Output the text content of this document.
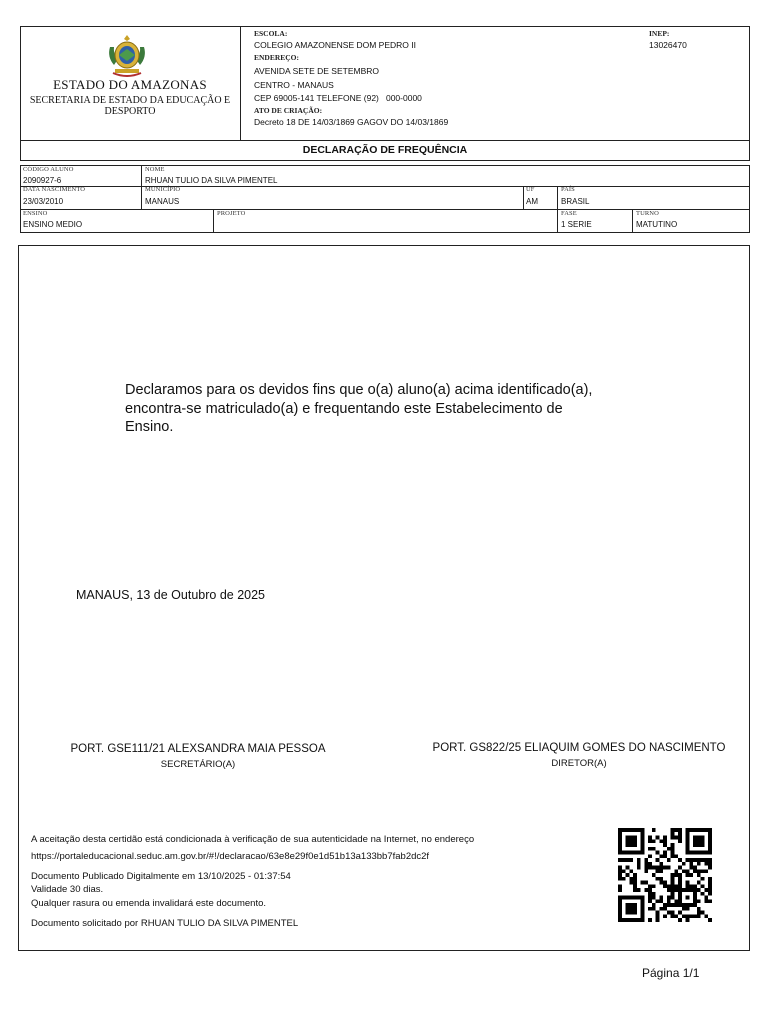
ESTADO DO AMAZONAS
SECRETARIA DE ESTADO DA EDUCAÇÃO E DESPORTO
ESCOLA:
COLEGIO AMAZONENSE DOM PEDRO II
ENDEREÇO:
AVENIDA SETE DE SETEMBRO
CENTRO - MANAUS
CEP 69005-141 TELEFONE (92)   000-0000
ATO DE CRIAÇÃO:
Decreto 18 DE 14/03/1869 GAGOV DO 14/03/1869
INEP:
13026470
DECLARAÇÃO DE FREQUÊNCIA
CÓDIGO ALUNO
2090927-6
NOME
RHUAN TULIO DA SILVA PIMENTEL
DATA NASCIMENTO
23/03/2010
MUNICÍPIO
MANAUS
UF
AM
PAÍS
BRASIL
ENSINO
ENSINO MEDIO
PROJETO	FASE
1 SERIE
TURNO
MATUTINO
Declaramos para os devidos fins que o(a) aluno(a) acima identificado(a),
encontra-se matriculado(a) e frequentando este Estabelecimento de
Ensino.
MANAUS, 13 de Outubro de 2025
PORT. GSE111/21 ALEXSANDRA MAIA PESSOA
SECRETÁRIO(A)
PORT. GS822/25 ELIAQUIM GOMES DO NASCIMENTO
DIRETOR(A)
A aceitação desta certidão está condicionada à verificação de sua autenticidade na Internet, no endereço
https://portaleducacional.seduc.am.gov.br/#!/declaracao/63e8e29f0e1d51b13a133bb7fab2dc2f
Documento Publicado Digitalmente em 13/10/2025 - 01:37:54
Validade 30 dias.
Qualquer rasura ou emenda invalidará este documento.
Documento solicitado por RHUAN TULIO DA SILVA PIMENTEL
Página 1/1
